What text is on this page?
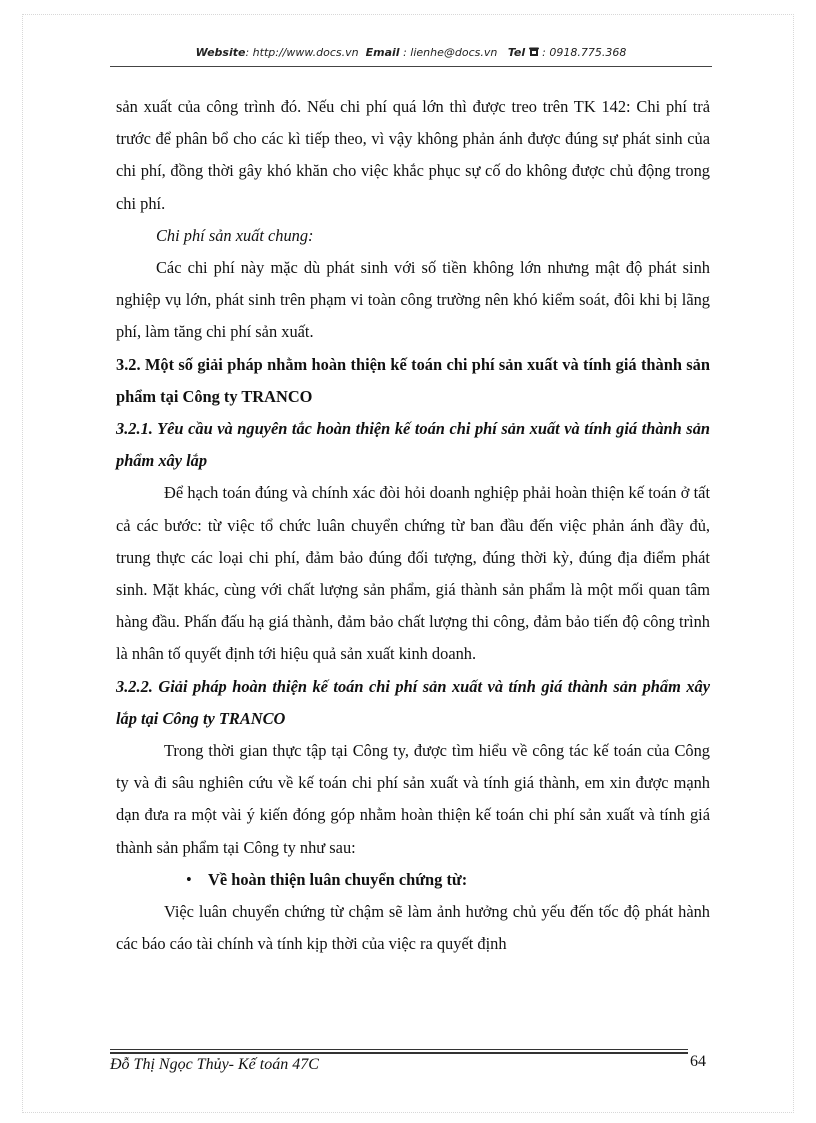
Website: http://www.docs.vn Email : lienhe@docs.vn Tel : 0918.775.368

sản xuất của công trình đó. Nếu chi phí quá lớn thì được treo trên TK 142: Chi phí trả trước để phân bổ cho các kì tiếp theo, vì vậy không phản ánh được đúng sự phát sinh của chi phí, đồng thời gây khó khăn cho việc khắc phục sự cố do không được chủ động trong chi phí.

Chi phí sản xuất chung:

Các chi phí này mặc dù phát sinh với số tiền không lớn nhưng mật độ phát sinh nghiệp vụ lớn, phát sinh trên phạm vi toàn công trường nên khó kiểm soát, đôi khi bị lãng phí, làm tăng chi phí sản xuất.

3.2. Một số giải pháp nhằm hoàn thiện kế toán chi phí sản xuất và tính giá thành sản phẩm tại Công ty TRANCO

3.2.1. Yêu cầu và nguyên tắc hoàn thiện kế toán chi phí sản xuất và tính giá thành sản phẩm xây lắp

Để hạch toán đúng và chính xác đòi hỏi doanh nghiệp phải hoàn thiện kế toán ở tất cả các bước: từ việc tổ chức luân chuyển chứng từ ban đầu đến việc phản ánh đầy đủ, trung thực các loại chi phí, đảm bảo đúng đối tượng, đúng thời kỳ, đúng địa điểm phát sinh. Mặt khác, cùng với chất lượng sản phẩm, giá thành sản phẩm là một mối quan tâm hàng đầu. Phấn đấu hạ giá thành, đảm bảo chất lượng thi công, đảm bảo tiến độ công trình là nhân tố quyết định tới hiệu quả sản xuất kinh doanh.

3.2.2. Giải pháp hoàn thiện kế toán chi phí sản xuất và tính giá thành sản phẩm xây lắp tại Công ty TRANCO

Trong thời gian thực tập tại Công ty, được tìm hiểu về công tác kế toán của Công ty và đi sâu nghiên cứu về kế toán chi phí sản xuất và tính giá thành, em xin được mạnh dạn đưa ra một vài ý kiến đóng góp nhằm hoàn thiện kế toán chi phí sản xuất và tính giá thành sản phẩm tại Công ty như sau:

• Về hoàn thiện luân chuyển chứng từ:

Việc luân chuyển chứng từ chậm sẽ làm ảnh hưởng chủ yếu đến tốc độ phát hành các báo cáo tài chính và tính kịp thời của việc ra quyết định

Đỗ Thị Ngọc Thủy- Kế toán 47C	64
